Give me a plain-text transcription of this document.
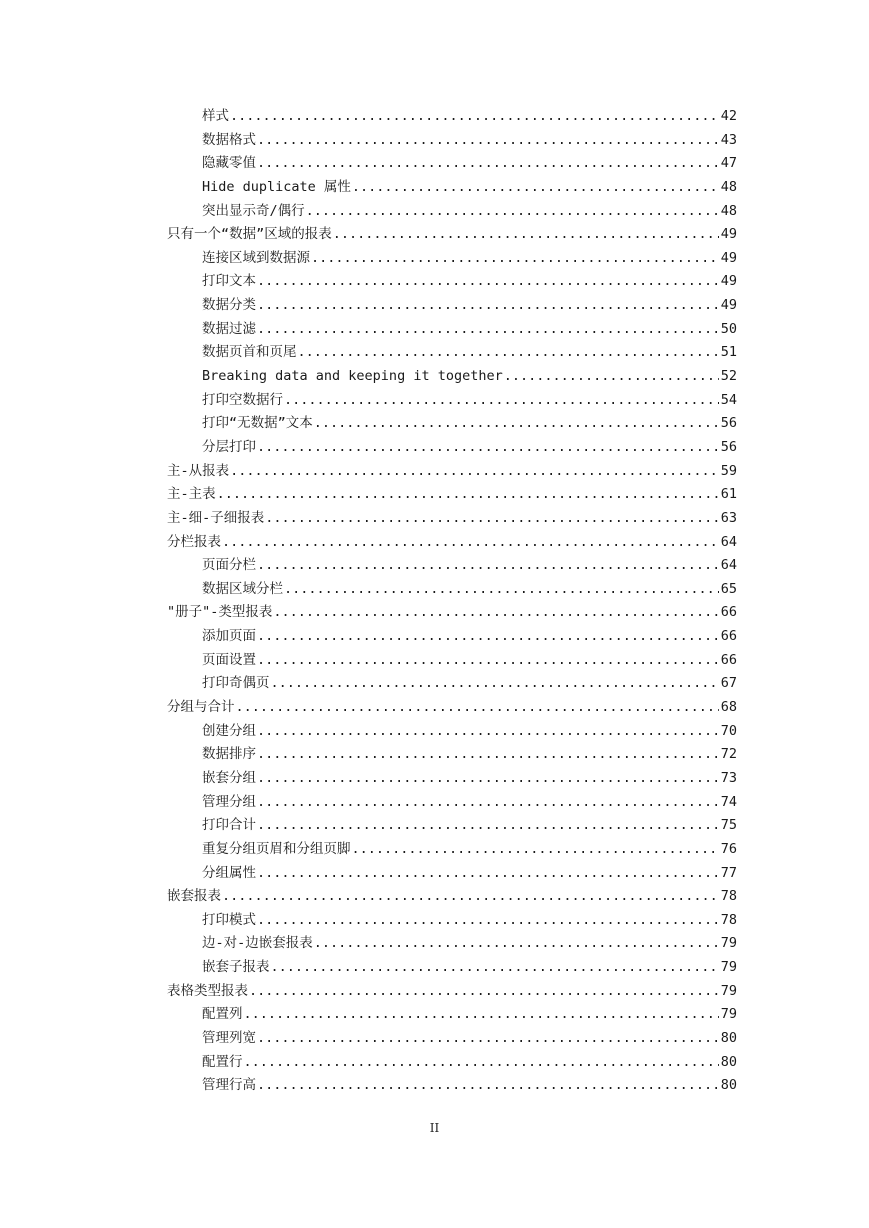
样式 .....	42
数据格式 .....	43
隐藏零值 .....	47
Hide duplicate 属性 .....	48
突出显示奇/偶行 .....	48
只有一个“数据”区域的报表 .....	49
连接区域到数据源 .....	49
打印文本 .....	49
数据分类 .....	49
数据过滤 .....	50
数据页首和页尾 .....	51
Breaking data and keeping it together .....	52
打印空数据行 .....	54
打印“无数据”文本 .....	56
分层打印 .....	56
主-从报表 .....	59
主-主表 .....	61
主-细-子细报表 .....	63
分栏报表 .....	64
页面分栏 .....	64
数据区域分栏 .....	65
"册子"-类型报表 .....	66
添加页面 .....	66
页面设置 .....	66
打印奇偶页 .....	67
分组与合计 .....	68
创建分组 .....	70
数据排序 .....	72
嵌套分组 .....	73
管理分组 .....	74
打印合计 .....	75
重复分组页眉和分组页脚 .....	76
分组属性 .....	77
嵌套报表 .....	78
打印模式 .....	78
边-对-边嵌套报表 .....	79
嵌套子报表 .....	79
表格类型报表 .....	79
配置列 .....	79
管理列宽 .....	80
配置行 .....	80
管理行高 .....	80
II
